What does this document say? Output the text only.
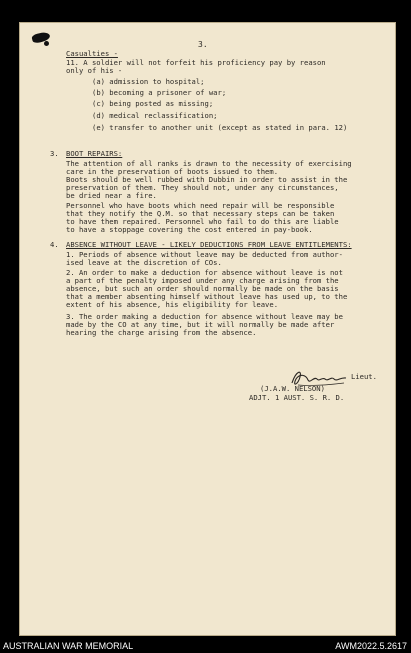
3.
Casualties -
11. A soldier will not forfeit his proficiency pay by reason
only of his -
(a) admission to hospital;
(b) becoming a prisoner of war;
(c) being posted as missing;
(d) medical reclassification;
(e) transfer to another unit (except as stated in para. 12)
3. BOOT REPAIRS:
The attention of all ranks is drawn to the necessity of exercising
care in the preservation of boots issued to them.
Boots should be well rubbed with Dubbin in order to assist in the
preservation of them. They should not, under any circumstances,
be dried near a fire.
Personnel who have boots which need repair will be responsible
that they notify the Q.M. so that necessary steps can be taken
to have them repaired. Personnel who fail to do this are liable
to have a stoppage covering the cost entered in pay-book.
4. ABSENCE WITHOUT LEAVE - LIKELY DEDUCTIONS FROM LEAVE ENTITLEMENTS:
1. Periods of absence without leave may be deducted from author-
ised leave at the discretion of COs.
2. An order to make a deduction for absence without leave is not
a part of the penalty imposed under any charge arising from the
absence, but such an order should normally be made on the basis
that a member absenting himself without leave has used up, to the
extent of his absence, his eligibility for leave.
3. The order making a deduction for absence without leave may be
made by the CO at any time, but it will normally be made after
hearing the charge arising from the absence.
Lieut.
(J.A.W. NELSON)
ADJT. 1 AUST. S. R. D.
AUSTRALIAN WAR MEMORIAL	AWM2022.5.2617
